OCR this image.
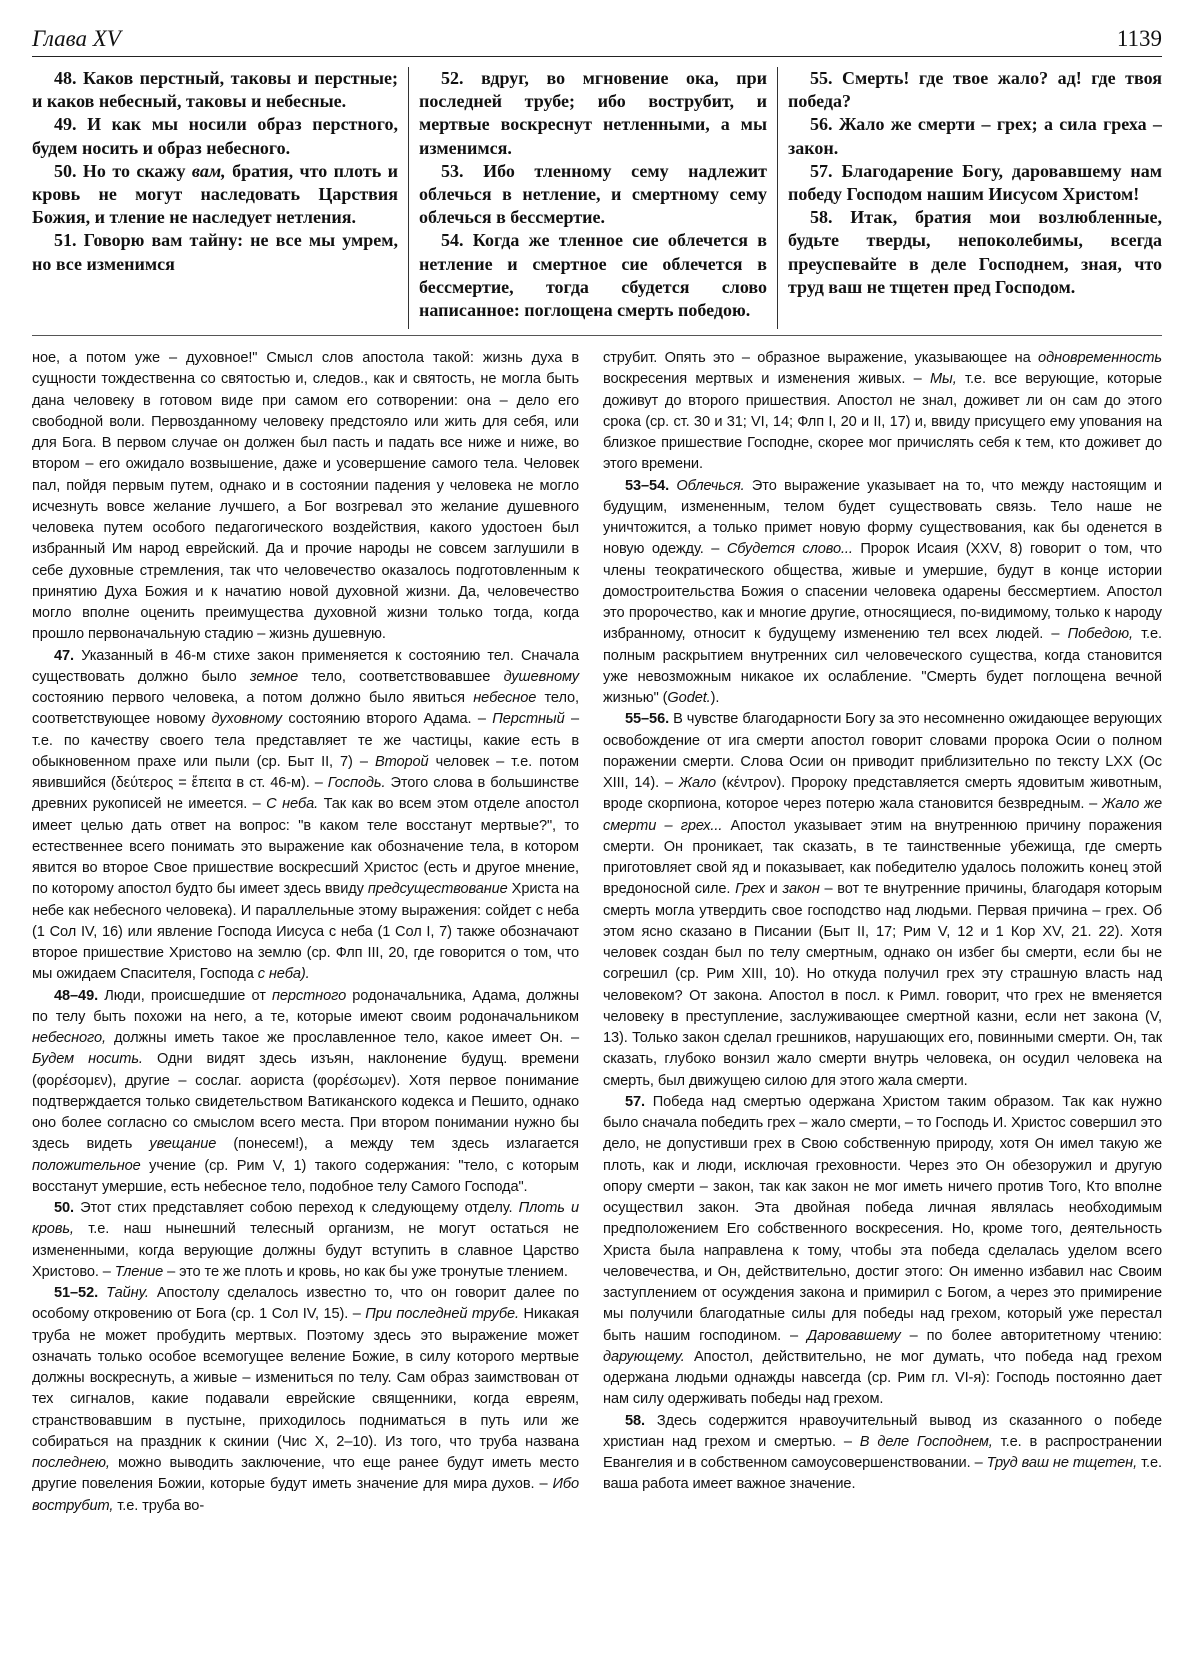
Глава XV	1139

48. Каков перстный, таковы и перстные; и каков небесный, таковы и небесные.

49. И как мы носили образ перстного, будем носить и образ небесного.

50. Но то скажу вам, братия, что плоть и кровь не могут наследовать Царствия Божия, и тление не наследует нетления.

51. Говорю вам тайну: не все мы умрем, но все изменимся

52. вдруг, во мгновение ока, при последней трубе; ибо вострубит, и мертвые воскреснут нетленными, а мы изменимся.

53. Ибо тленному сему надлежит облечься в нетление, и смертному сему облечься в бессмертие.

54. Когда же тленное сие облечется в нетление и смертное сие облечется в бессмертие, тогда сбудется слово написанное: поглощена смерть победою.

55. Смерть! где твое жало? ад! где твоя победа?

56. Жало же смерти – грех; а сила греха – закон.

57. Благодарение Богу, даровавшему нам победу Господом нашим Иисусом Христом!

58. Итак, братия мои возлюбленные, будьте тверды, непоколебимы, всегда преуспевайте в деле Господнем, зная, что труд ваш не тщетен пред Господом.

ное, а потом уже – духовное!" Смысл слов апостола такой: жизнь духа в сущности тождественна со святостью и, следов., как и святость, не могла быть дана человеку в готовом виде при самом его сотворении: она – дело его свободной воли. Первозданному человеку предстояло или жить для себя, или для Бога. В первом случае он должен был пасть и падать все ниже и ниже, во втором – его ожидало возвышение, даже и усовершение самого тела. Человек пал, пойдя первым путем, однако и в состоянии падения у человека не могло исчезнуть вовсе желание лучшего, а Бог возгревал это желание душевного человека путем особого педагогического воздействия, какого удостоен был избранный Им народ еврейский. Да и прочие народы не совсем заглушили в себе духовные стремления, так что человечество оказалось подготовленным к принятию Духа Божия и к начатию новой духовной жизни. Да, человечество могло вполне оценить преимущества духовной жизни только тогда, когда прошло первоначальную стадию – жизнь душевную.

47. Указанный в 46-м стихе закон применяется к состоянию тел. Сначала существовать должно было земное тело, соответствовавшее душевному состоянию первого человека, а потом должно было явиться небесное тело, соответствующее новому духовному состоянию второго Адама. – Перстный – т.е. по качеству своего тела представляет те же частицы, какие есть в обыкновенном прахе или пыли (ср. Быт II, 7) – Второй человек – т.е. потом явившийся (δεύτερος = ἔπειτα в ст. 46-м). – Господь. Этого слова в большинстве древних рукописей не имеется. – С неба. Так как во всем этом отделе апостол имеет целью дать ответ на вопрос: "в каком теле восстанут мертвые?", то естественнее всего понимать это выражение как обозначение тела, в котором явится во второе Свое пришествие воскресший Христос (есть и другое мнение, по которому апостол будто бы имеет здесь ввиду предсуществование Христа на небе как небесного человека). И параллельные этому выражения: сойдет с неба (1 Сол IV, 16) или явление Господа Иисуса с неба (1 Сол I, 7) также обозначают второе пришествие Христово на землю (ср. Флп III, 20, где говорится о том, что мы ожидаем Спасителя, Господа с неба).

48–49. Люди, происшедшие от перстного родоначальника, Адама, должны по телу быть похожи на него, а те, которые имеют своим родоначальником небесного, должны иметь такое же прославленное тело, какое имеет Он. – Будем носить. Одни видят здесь изъян, наклонение будущ. времени (φορέσομεν), другие – сослаг. аориста (φορέσωμεν). Хотя первое понимание подтверждается только свидетельством Ватиканского кодекса и Пешито, однако оно более согласно со смыслом всего места. При втором понимании нужно бы здесь видеть увещание (понесем!), а между тем здесь излагается положительное учение (ср. Рим V, 1) такого содержания: "тело, с которым восстанут умершие, есть небесное тело, подобное телу Самого Господа".

50. Этот стих представляет собою переход к следующему отделу. Плоть и кровь, т.е. наш нынешний телесный организм, не могут остаться не измененными, когда верующие должны будут вступить в славное Царство Христово. – Тление – это те же плоть и кровь, но как бы уже тронутые тлением.

51–52. Тайну. Апостолу сделалось известно то, что он говорит далее по особому откровению от Бога (ср. 1 Сол IV, 15). – При последней трубе. Никакая труба не может пробудить мертвых. Поэтому здесь это выражение может означать только особое всемогущее веление Божие, в силу которого мертвые должны воскреснуть, а живые – измениться по телу. Сам образ заимствован от тех сигналов, какие подавали еврейские священники, когда евреям, странствовавшим в пустыне, приходилось подниматься в путь или же собираться на праздник к скинии (Чис X, 2–10). Из того, что труба названа последнею, можно выводить заключение, что еще ранее будут иметь место другие повеления Божии, которые будут иметь значение для мира духов. – Ибо вострубит, т.е. труба во-

струбит. Опять это – образное выражение, указывающее на одновременность воскресения мертвых и изменения живых. – Мы, т.е. все верующие, которые доживут до второго пришествия. Апостол не знал, доживет ли он сам до этого срока (ср. ст. 30 и 31; VI, 14; Флп I, 20 и II, 17) и, ввиду присущего ему упования на близкое пришествие Господне, скорее мог причислять себя к тем, кто доживет до этого времени.

53–54. Облечься. Это выражение указывает на то, что между настоящим и будущим, измененным, телом будет существовать связь. Тело наше не уничтожится, а только примет новую форму существования, как бы оденется в новую одежду. – Сбудется слово... Пророк Исаия (XXV, 8) говорит о том, что члены теократического общества, живые и умершие, будут в конце истории домостроительства Божия о спасении человека одарены бессмертием. Апостол это пророчество, как и многие другие, относящиеся, по-видимому, только к народу избранному, относит к будущему изменению тел всех людей. – Победою, т.е. полным раскрытием внутренних сил человеческого существа, когда становится уже невозможным никакое их ослабление. "Смерть будет поглощена вечной жизнью" (Godet.).

55–56. В чувстве благодарности Богу за это несомненно ожидающее верующих освобождение от ига смерти апостол говорит словами пророка Осии о полном поражении смерти. Слова Осии он приводит приблизительно по тексту LXX (Ос XIII, 14). – Жало (κέντρον). Пророку представляется смерть ядовитым животным, вроде скорпиона, которое через потерю жала становится безвредным. – Жало же смерти – грех... Апостол указывает этим на внутреннюю причину поражения смерти. Он проникает, так сказать, в те таинственные убежища, где смерть приготовляет свой яд и показывает, как победителю удалось положить конец этой вредоносной силе. Грех и закон – вот те внутренние причины, благодаря которым смерть могла утвердить свое господство над людьми. Первая причина – грех. Об этом ясно сказано в Писании (Быт II, 17; Рим V, 12 и 1 Кор XV, 21. 22). Хотя человек создан был по телу смертным, однако он избег бы смерти, если бы не согрешил (ср. Рим XIII, 10). Но откуда получил грех эту страшную власть над человеком? От закона. Апостол в посл. к Римл. говорит, что грех не вменяется человеку в преступление, заслуживающее смертной казни, если нет закона (V, 13). Только закон сделал грешников, нарушающих его, повинными смерти. Он, так сказать, глубоко вонзил жало смерти внутрь человека, он осудил человека на смерть, был движущею силою для этого жала смерти.

57. Победа над смертью одержана Христом таким образом. Так как нужно было сначала победить грех – жало смерти, – то Господь И. Христос совершил это дело, не допустивши грех в Свою собственную природу, хотя Он имел такую же плоть, как и люди, исключая греховности. Через это Он обезоружил и другую опору смерти – закон, так как закон не мог иметь ничего против Того, Кто вполне осуществил закон. Эта двойная победа личная являлась необходимым предположением Его собственного воскресения. Но, кроме того, деятельность Христа была направлена к тому, чтобы эта победа сделалась уделом всего человечества, и Он, действительно, достиг этого: Он именно избавил нас Своим заступлением от осуждения закона и примирил с Богом, а через это примирение мы получили благодатные силы для победы над грехом, который уже перестал быть нашим господином. – Даровавшему – по более авторитетному чтению: дарующему. Апостол, действительно, не мог думать, что победа над грехом одержана людьми однажды навсегда (ср. Рим гл. VI-я): Господь постоянно дает нам силу одерживать победы над грехом.

58. Здесь содержится нравоучительный вывод из сказанного о победе христиан над грехом и смертью. – В деле Господнем, т.е. в распространении Евангелия и в собственном самоусовершенствовании. – Труд ваш не тщетен, т.е. ваша работа имеет важное значение.
